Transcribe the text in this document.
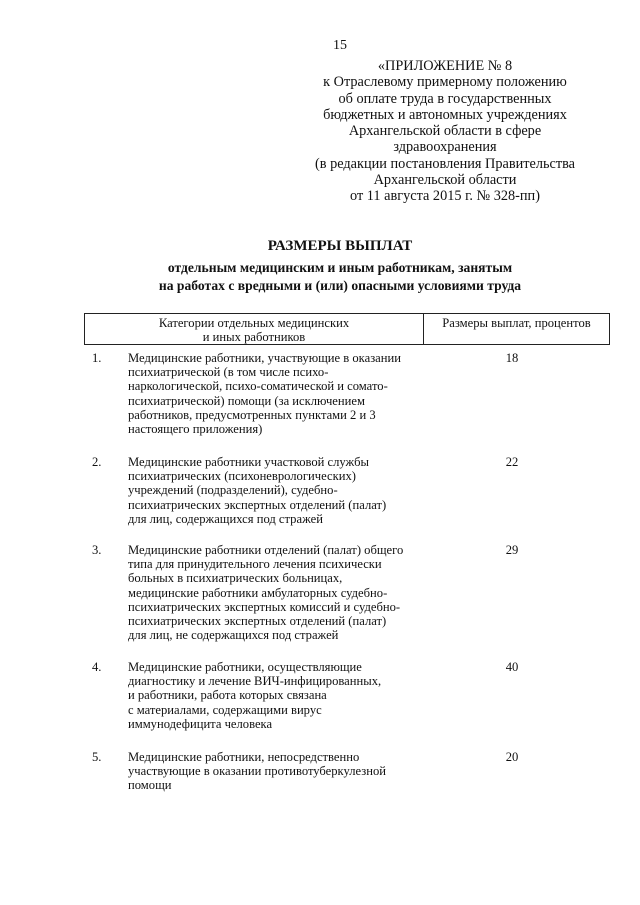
15
«ПРИЛОЖЕНИЕ № 8
к Отраслевому примерному положению
об оплате труда в государственных
бюджетных и автономных учреждениях
Архангельской области в сфере
здравоохранения
(в редакции постановления Правительства
Архангельской области
от 11 августа 2015 г. № 328-пп)
РАЗМЕРЫ ВЫПЛАТ
отдельным медицинским и иным работникам, занятым
на работах с вредными и (или) опасными условиями труда
Категории отдельных медицинских
и иных работников
Размеры выплат, процентов
1. Медицинские работники, участвующие в оказании
психиатрической (в том числе психо-
наркологической, психо-соматической и сомато-
психиатрической) помощи (за исключением
работников, предусмотренных пунктами 2 и 3
настоящего приложения)
18
2. Медицинские работники участковой службы
психиатрических (психоневрологических)
учреждений (подразделений), судебно-
психиатрических экспертных отделений (палат)
для лиц, содержащихся под стражей
22
3. Медицинские работники отделений (палат) общего
типа для принудительного лечения психически
больных в психиатрических больницах,
медицинские работники амбулаторных судебно-
психиатрических экспертных комиссий и судебно-
психиатрических экспертных отделений (палат)
для лиц, не содержащихся под стражей
29
4. Медицинские работники, осуществляющие
диагностику и лечение ВИЧ-инфицированных,
и работники, работа которых связана
с материалами, содержащими вирус
иммунодефицита человека
40
5. Медицинские работники, непосредственно
участвующие в оказании противотуберкулезной
помощи
20
